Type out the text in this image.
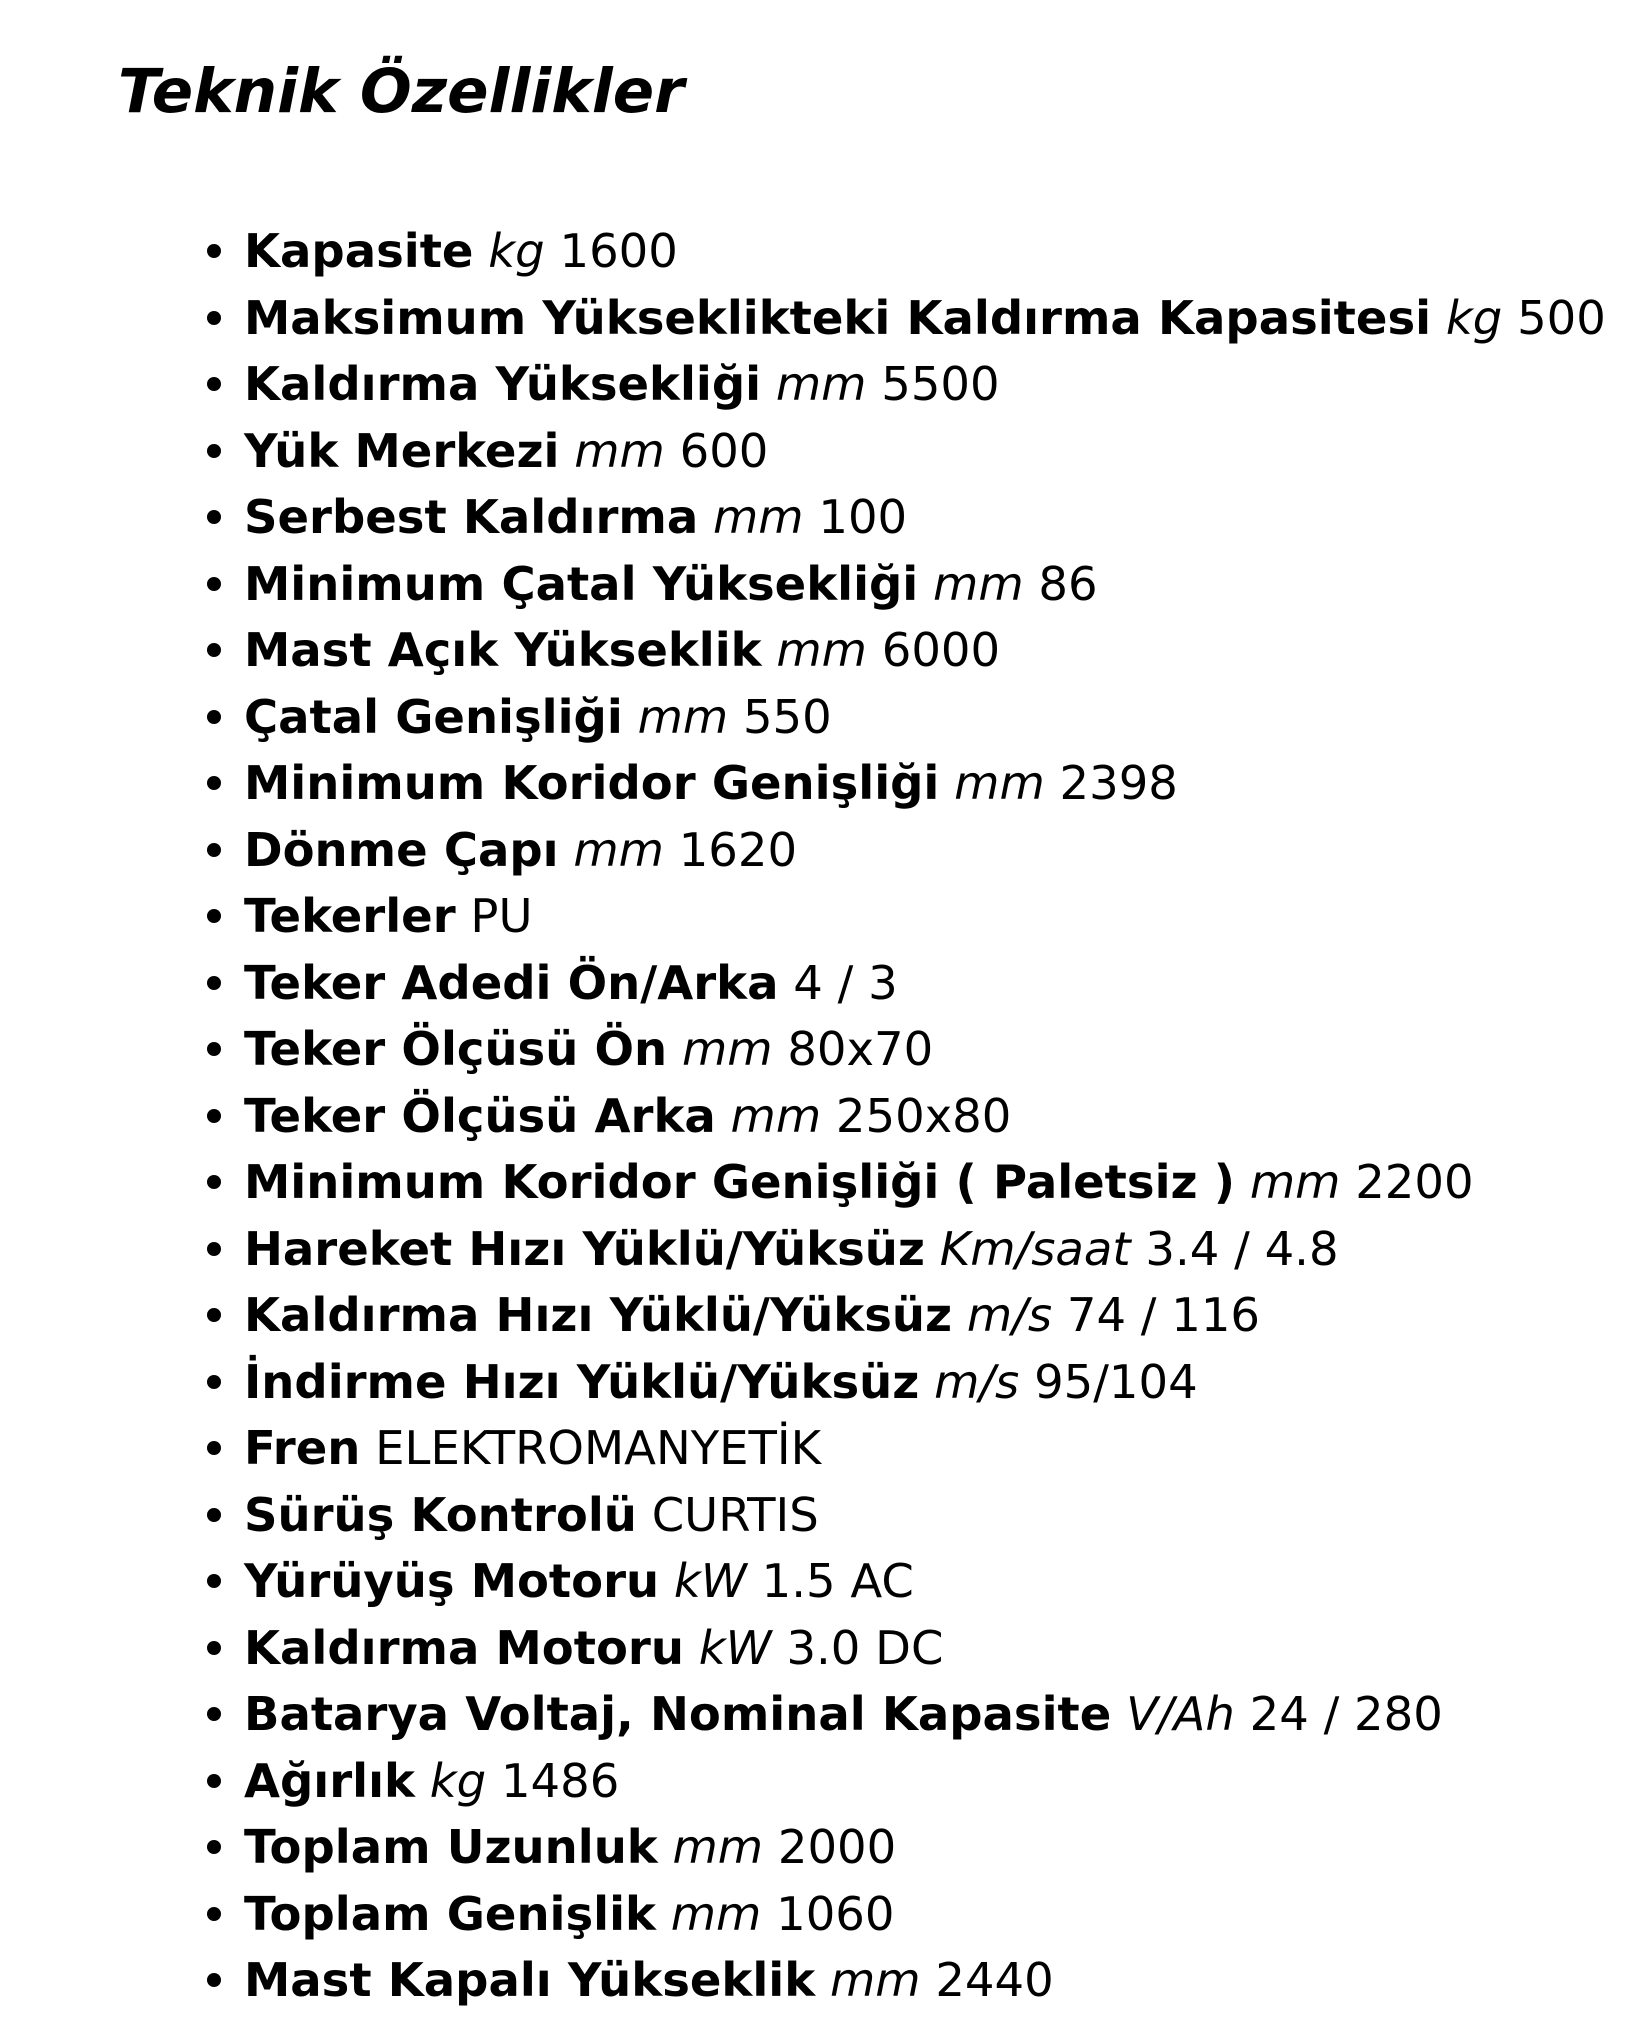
Teknik Özellikler
Kapasite kg 1600
Maksimum Yükseklikteki Kaldırma Kapasitesi kg 500
Kaldırma Yüksekliği mm 5500
Yük Merkezi mm 600
Serbest Kaldırma mm 100
Minimum Çatal Yüksekliği mm 86
Mast Açık Yükseklik mm 6000
Çatal Genişliği mm 550
Minimum Koridor Genişliği mm 2398
Dönme Çapı mm 1620
Tekerler PU
Teker Adedi Ön/Arka 4 / 3
Teker Ölçüsü Ön mm 80x70
Teker Ölçüsü Arka mm 250x80
Minimum Koridor Genişliği ( Paletsiz ) mm 2200
Hareket Hızı Yüklü/Yüksüz Km/saat 3.4 / 4.8
Kaldırma Hızı Yüklü/Yüksüz m/s 74 / 116
İndirme Hızı Yüklü/Yüksüz m/s 95/104
Fren ELEKTROMANYETİK
Sürüş Kontrolü CURTIS
Yürüyüş Motoru kW 1.5 AC
Kaldırma Motoru kW 3.0 DC
Batarya Voltaj, Nominal Kapasite V/Ah 24 / 280
Ağırlık kg 1486
Toplam Uzunluk mm 2000
Toplam Genişlik mm 1060
Mast Kapalı Yükseklik mm 2440
